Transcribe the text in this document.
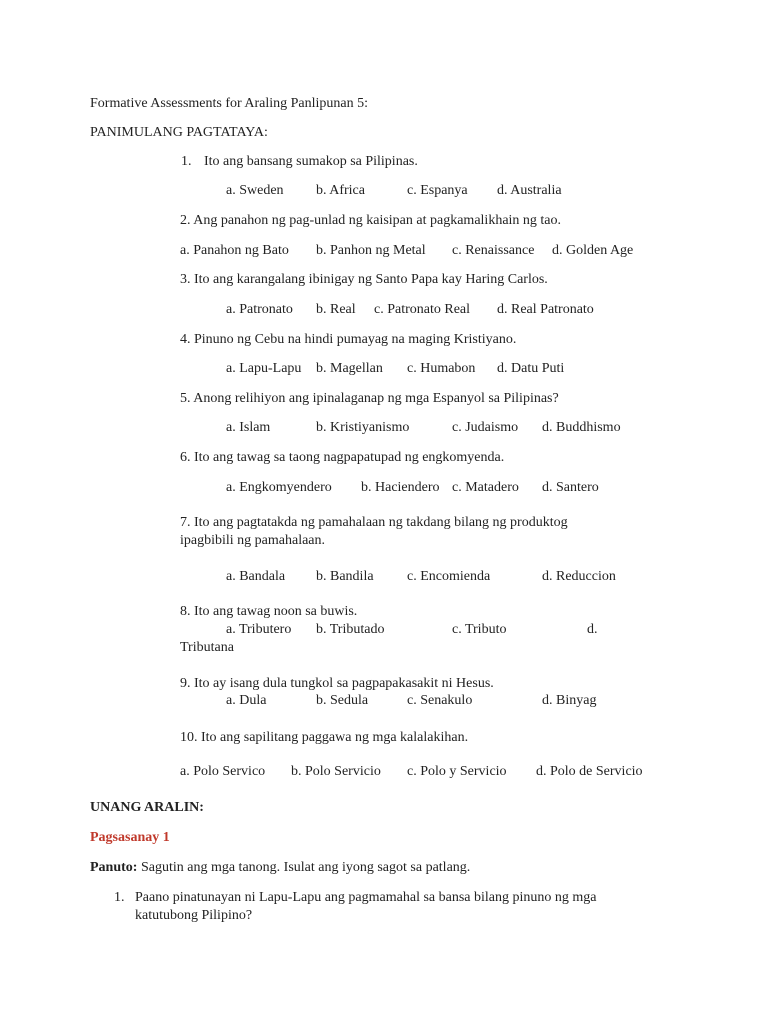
Formative Assessments for Araling Panlipunan 5:
PANIMULANG PAGTATAYA:
1. Ito ang bansang sumakop sa Pilipinas.
a. Sweden b. Africa	c. Espanya d. Australia
2. Ang panahon ng pag-unlad ng kaisipan at pagkamalikhain ng tao.
a. Panahon ng Bato b. Panhon ng Metal c. Renaissance d. Golden Age
3. Ito ang karangalang ibinigay ng Santo Papa kay Haring Carlos.
a. Patronato b. Real c. Patronato Real d. Real Patronato
4. Pinuno ng Cebu na hindi pumayag na maging Kristiyano.
a. Lapu-Lapu b. Magellan c. Humabon d. Datu Puti
5. Anong relihiyon ang ipinalaganap ng mga Espanyol sa Pilipinas?
a. Islam	b. Kristiyanismo	c. Judaismo d. Buddhismo
6. Ito ang tawag sa taong nagpapatupad ng engkomyenda.
a. Engkomyendero b. Haciendero c. Matadero d. Santero
7. Ito ang pagtatakda ng pamahalaan ng takdang bilang ng produktog
ipagbibili ng pamahalaan.
a. Bandala b. Bandila c. Encomienda	d. Reduccion
8. Ito ang tawag noon sa buwis.
a. Tributero b. Tributado	c. Tributo	d.
Tributana
9. Ito ay isang dula tungkol sa pagpapakasakit ni Hesus.
a. Dula	b. Sedula	c. Senakulo	d. Binyag
10. Ito ang sapilitang paggawa ng mga kalalakihan.
a. Polo Servico b. Polo Servicio c. Polo y Servicio d. Polo de Servicio
UNANG ARALIN:
Pagsasanay 1
Panuto: Sagutin ang mga tanong. Isulat ang iyong sagot sa patlang.
1. Paano pinatunayan ni Lapu-Lapu ang pagmamahal sa bansa bilang pinuno ng mga
katutubong Pilipino?
